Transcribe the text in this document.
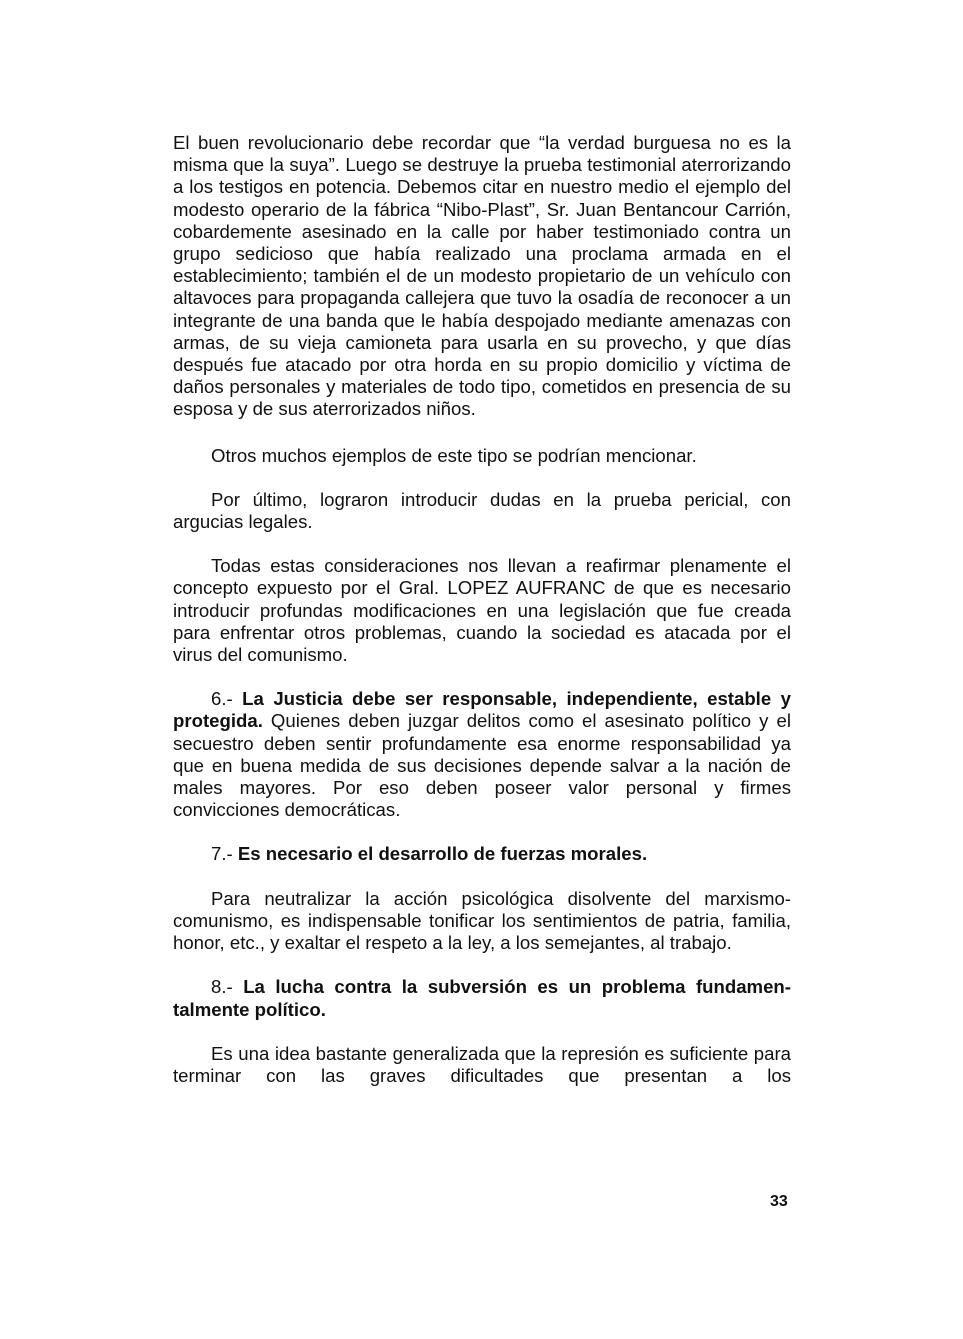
El buen revolucionario debe recordar que “la verdad burguesa no es la misma que la suya”. Luego se destruye la prueba testimonial aterrorizando a los testigos en potencia. Debemos citar en nuestro medio el ejemplo del modesto operario de la fábrica “Nibo-Plast”, Sr. Juan Bentancour Carrión, cobardemente asesinado en la calle por haber testimoniado contra un grupo sedicioso que había realizado una proclama armada en el establecimiento; también el de un modesto propietario de un vehículo con altavoces para propaganda callejera que tuvo la osadía de reconocer a un integrante de una banda que le había despojado mediante amenazas con armas, de su vieja camioneta para usarla en su provecho, y que días después fue atacado por otra horda en su propio domicilio y víctima de daños personales y materiales de todo tipo, cometidos en presencia de su esposa y de sus aterrorizados niños.

Otros muchos ejemplos de este tipo se podrían mencionar.

Por último, lograron introducir dudas en la prueba pericial, con argucias legales.

Todas estas consideraciones nos llevan a reafirmar plenamente el concepto expuesto por el Gral. LOPEZ AUFRANC de que es necesario introducir profundas modificaciones en una legislación que fue creada para enfrentar otros problemas, cuando la sociedad es atacada por el virus del comunismo.

6.- La Justicia debe ser responsable, independiente, estable y protegida. Quienes deben juzgar delitos como el asesinato político y el secuestro deben sentir profundamente esa enorme responsabilidad ya que en buena medida de sus decisiones depende salvar a la nación de males mayores. Por eso deben poseer valor personal y firmes convicciones democráticas.

7.- Es necesario el desarrollo de fuerzas morales.

Para neutralizar la acción psicológica disolvente del marxismo-comunismo, es indispensable tonificar los sentimientos de patria, familia, honor, etc., y exaltar el respeto a la ley, a los semejantes, al trabajo.

8.- La lucha contra la subversión es un problema fundamentalmente político.

Es una idea bastante generalizada que la represión es suficiente para terminar con las graves dificultades que presentan a los

33
